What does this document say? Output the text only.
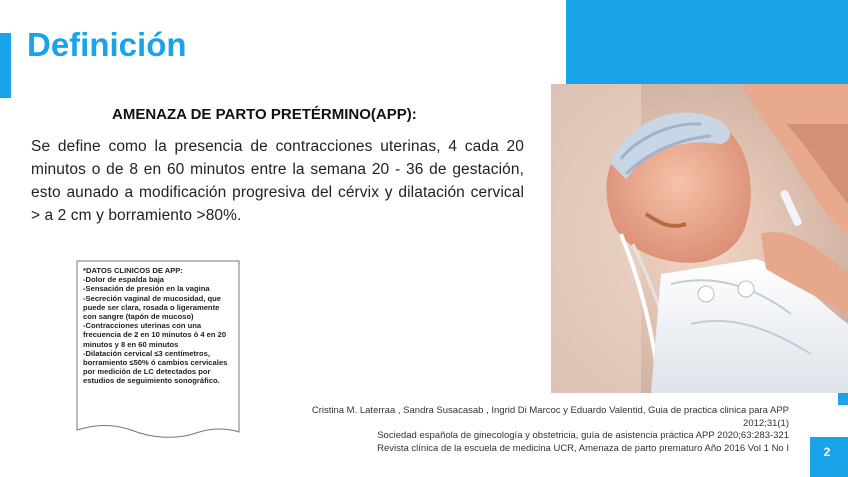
Definición
AMENAZA DE PARTO PRETÉRMINO(APP):
Se define como la presencia de contracciones uterinas, 4 cada 20 minutos o de 8 en 60 minutos entre la semana 20 - 36 de gestación, esto aunado a modificación progresiva del cérvix y dilatación cervical > a 2 cm y borramiento >80%.
*DATOS CLINICOS DE APP:
-Dolor de espalda baja
-Sensación de presión en la vagina
-Secreción vaginal de mucosidad, que puede ser clara, rosada o ligeramente con sangre (tapón de mucoso)
-Contracciones uterinas con una frecuencia de 2 en 10 minutos ó 4 en 20 minutos y 8 en 60 minutos
-Dilatación cervical ≤3 centímetros, borramiento ≤50% ó cambios cervicales por medición de LC detectados por estudios de seguimiento sonográfico.
Cristina M. Laterraa , Sandra Susacasab , Ingrid Di Marcoc y Eduardo Valentid, Guia de practica clinica para APP
2012;31(1)
Sociedad española de ginecología y obstetricia, guía de asistencia práctica APP 2020;63:283-321
Revista clínica de la escuela de medicina UCR, Amenaza de parto prematuro Año 2016 Vol 1 No I	2
